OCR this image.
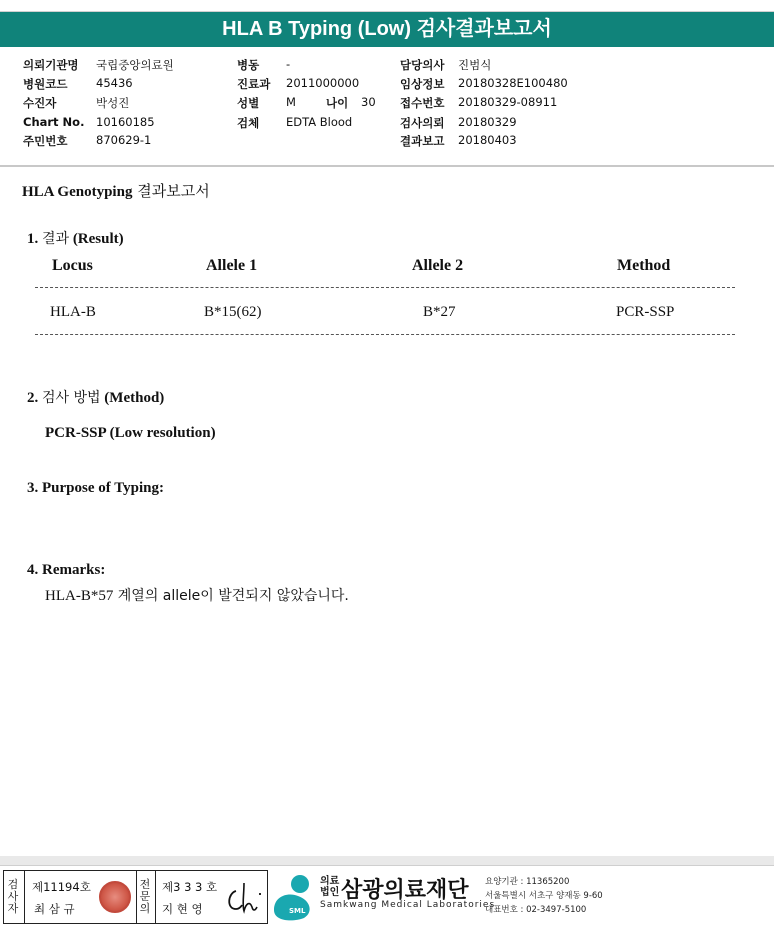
HLA B Typing (Low) 검사결과보고서
의뢰기관명 국립중앙의료원
병원코드 45436
수진자	박성진
Chart No. 10160185
주민번호 870629-1
병동 -
진료과 2011000000
성별 M	나이 30
검체 EDTA Blood
담당의사 진범식
임상정보 20180328E100480
접수번호 20180329-08911
검사의뢰 20180329
결과보고 20180403
HLA Genotyping 결과보고서
1. 결과 (Result)
Locus	Allele 1	Allele 2	Method
HLA-B	B*15(62)	B*27	PCR-SSP
2. 검사 방법 (Method)
PCR-SSP (Low resolution)
3. Purpose of Typing:
4. Remarks:
HLA-B*57 계열의 allele이 발견되지 않았습니다.
검사자
제11194호
최 삼 규
전문의
제3 3 3 호
지 현 영	SML
의료법인 삼광의료재단
Samkwang Medical Laboratories
요양기관 : 11365200
서울특별시 서초구 양재동 9-60
대표번호 : 02-3497-5100
